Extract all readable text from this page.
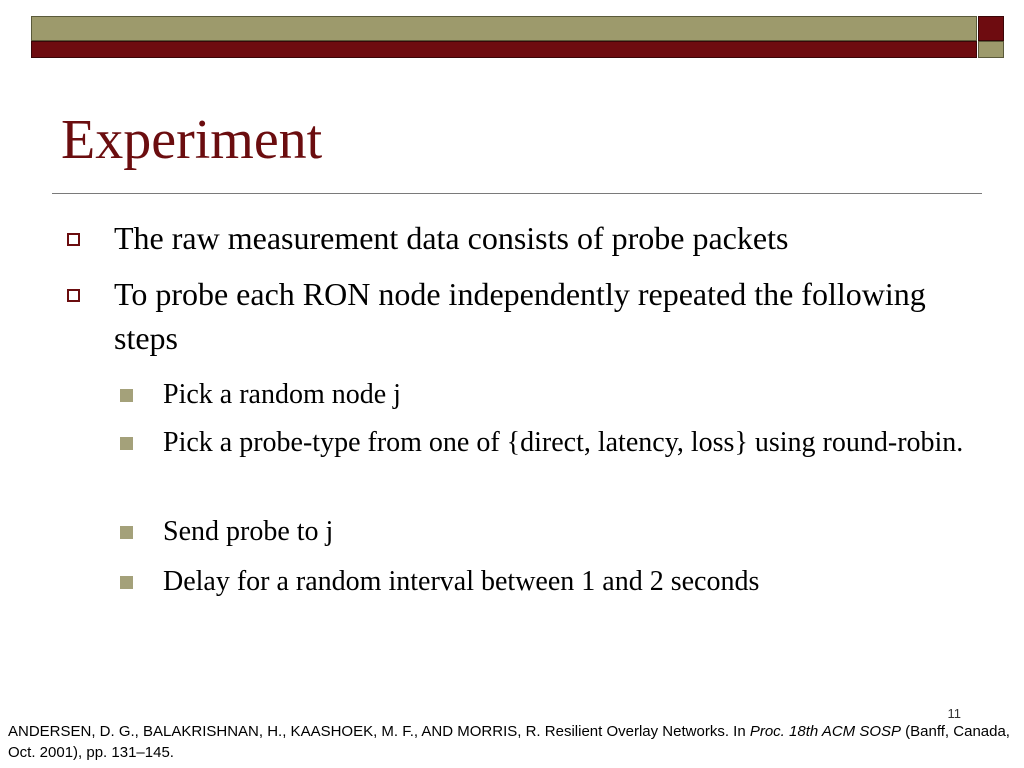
Experiment
The raw measurement data consists of probe packets
To probe each RON node independently repeated the following steps
Pick a random node j
Pick a probe-type from one of {direct, latency, loss} using round-robin.
Send probe to j
Delay for a random interval between 1 and 2 seconds
11
ANDERSEN, D. G., BALAKRISHNAN, H., KAASHOEK, M. F., AND MORRIS, R. Resilient Overlay Networks. In Proc. 18th ACM SOSP (Banff, Canada, Oct. 2001), pp. 131–145.
